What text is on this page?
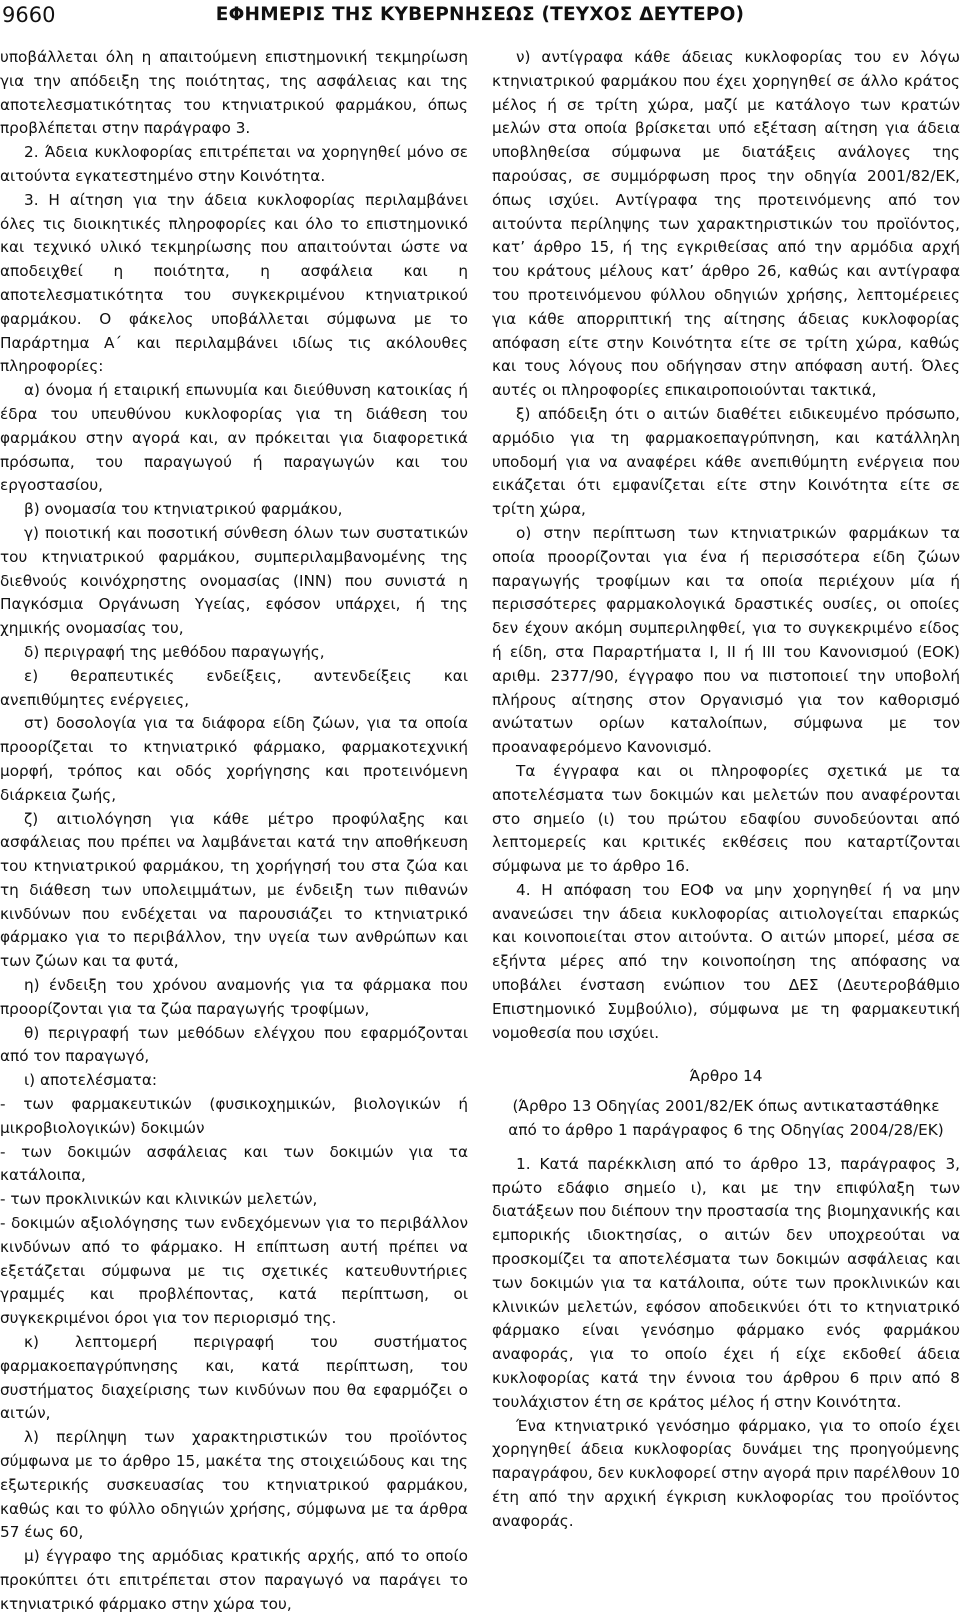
9660	ΕΦΗΜΕΡΙΣ ΤΗΣ ΚΥΒΕΡΝΗΣΕΩΣ (ΤΕΥΧΟΣ ΔΕΥΤΕΡΟ)

υποβάλλεται όλη η απαιτούμενη επιστημονική τεκμηρίωση για την απόδειξη της ποιότητας, της ασφάλειας και της αποτελεσματικότητας του κτηνιατρικού φαρμάκου, όπως προβλέπεται στην παράγραφο 3.

2. Άδεια κυκλοφορίας επιτρέπεται να χορηγηθεί μόνο σε αιτούντα εγκατεστημένο στην Κοινότητα.

3. Η αίτηση για την άδεια κυκλοφορίας περιλαμβάνει όλες τις διοικητικές πληροφορίες και όλο το επιστημονικό και τεχνικό υλικό τεκμηρίωσης που απαιτούνται ώστε να αποδειχθεί η ποιότητα, η ασφάλεια και η αποτελεσματικότητα του συγκεκριμένου κτηνιατρικού φαρμάκου. Ο φάκελος υποβάλλεται σύμφωνα με το Παράρτημα Α΄ και περιλαμβάνει ιδίως τις ακόλουθες πληροφορίες:

α) όνομα ή εταιρική επωνυμία και διεύθυνση κατοικίας ή έδρα του υπευθύνου κυκλοφορίας για τη διάθεση του φαρμάκου στην αγορά και, αν πρόκειται για διαφορετικά πρόσωπα, του παραγωγού ή παραγωγών και του εργοστασίου,

β) ονομασία του κτηνιατρικού φαρμάκου,

γ) ποιοτική και ποσοτική σύνθεση όλων των συστατικών του κτηνιατρικού φαρμάκου, συμπεριλαμβανομένης της διεθνούς κοινόχρηστης ονομασίας (INN) που συνιστά η Παγκόσμια Οργάνωση Υγείας, εφόσον υπάρχει, ή της χημικής ονομασίας του,

δ) περιγραφή της μεθόδου παραγωγής,

ε) θεραπευτικές ενδείξεις, αντενδείξεις και ανεπιθύμητες ενέργειες,

στ) δοσολογία για τα διάφορα είδη ζώων, για τα οποία προορίζεται το κτηνιατρικό φάρμακο, φαρμακοτεχνική μορφή, τρόπος και οδός χορήγησης και προτεινόμενη διάρκεια ζωής,

ζ) αιτιολόγηση για κάθε μέτρο προφύλαξης και ασφάλειας που πρέπει να λαμβάνεται κατά την αποθήκευση του κτηνιατρικού φαρμάκου, τη χορήγησή του στα ζώα και τη διάθεση των υπολειμμάτων, με ένδειξη των πιθανών κινδύνων που ενδέχεται να παρουσιάζει το κτηνιατρικό φάρμακο για το περιβάλλον, την υγεία των ανθρώπων και των ζώων και τα φυτά,

η) ένδειξη του χρόνου αναμονής για τα φάρμακα που προορίζονται για τα ζώα παραγωγής τροφίμων,

θ) περιγραφή των μεθόδων ελέγχου που εφαρμόζονται από τον παραγωγό,

ι) αποτελέσματα:

- των φαρμακευτικών (φυσικοχημικών, βιολογικών ή μικροβιολογικών) δοκιμών

- των δοκιμών ασφάλειας και των δοκιμών για τα κατάλοιπα,

- των προκλινικών και κλινικών μελετών,

- δοκιμών αξιολόγησης των ενδεχόμενων για το περιβάλλον κινδύνων από το φάρμακο. Η επίπτωση αυτή πρέπει να εξετάζεται σύμφωνα με τις σχετικές κατευθυντήριες γραμμές και προβλέποντας, κατά περίπτωση, οι συγκεκριμένοι όροι για τον περιορισμό της.

κ) λεπτομερή περιγραφή του συστήματος φαρμακοεπαγρύπνησης και, κατά περίπτωση, του συστήματος διαχείρισης των κινδύνων που θα εφαρμόζει ο αιτών,

λ) περίληψη των χαρακτηριστικών του προϊόντος σύμφωνα με το άρθρο 15, μακέτα της στοιχειώδους και της εξωτερικής συσκευασίας του κτηνιατρικού φαρμάκου, καθώς και το φύλλο οδηγιών χρήσης, σύμφωνα με τα άρθρα 57 έως 60,

μ) έγγραφο της αρμόδιας κρατικής αρχής, από το οποίο προκύπτει ότι επιτρέπεται στον παραγωγό να παράγει το κτηνιατρικό φάρμακο στην χώρα του,

ν) αντίγραφα κάθε άδειας κυκλοφορίας του εν λόγω κτηνιατρικού φαρμάκου που έχει χορηγηθεί σε άλλο κράτος μέλος ή σε τρίτη χώρα, μαζί με κατάλογο των κρατών μελών στα οποία βρίσκεται υπό εξέταση αίτηση για άδεια υποβληθείσα σύμφωνα με διατάξεις ανάλογες της παρούσας, σε συμμόρφωση προς την οδηγία 2001/82/ΕΚ, όπως ισχύει. Αντίγραφα της προτεινόμενης από τον αιτούντα περίληψης των χαρακτηριστικών του προϊόντος, κατ’ άρθρο 15, ή της εγκριθείσας από την αρμόδια αρχή του κράτους μέλους κατ’ άρθρο 26, καθώς και αντίγραφα του προτεινόμενου φύλλου οδηγιών χρήσης, λεπτομέρειες για κάθε απορριπτική της αίτησης άδειας κυκλοφορίας απόφαση είτε στην Κοινότητα είτε σε τρίτη χώρα, καθώς και τους λόγους που οδήγησαν στην απόφαση αυτή. Όλες αυτές οι πληροφορίες επικαιροποιούνται τακτικά,

ξ) απόδειξη ότι ο αιτών διαθέτει ειδικευμένο πρόσωπο, αρμόδιο για τη φαρμακοεπαγρύπνηση, και κατάλληλη υποδομή για να αναφέρει κάθε ανεπιθύμητη ενέργεια που εικάζεται ότι εμφανίζεται είτε στην Κοινότητα είτε σε τρίτη χώρα,

ο) στην περίπτωση των κτηνιατρικών φαρμάκων τα οποία προορίζονται για ένα ή περισσότερα είδη ζώων παραγωγής τροφίμων και τα οποία περιέχουν μία ή περισσότερες φαρμακολογικά δραστικές ουσίες, οι οποίες δεν έχουν ακόμη συμπεριληφθεί, για το συγκεκριμένο είδος ή είδη, στα Παραρτήματα Ι, ΙΙ ή ΙΙΙ του Κανονισμού (ΕΟΚ) αριθμ. 2377/90, έγγραφο που να πιστοποιεί την υποβολή πλήρους αίτησης στον Οργανισμό για τον καθορισμό ανώτατων ορίων καταλοίπων, σύμφωνα με τον προαναφερόμενο Κανονισμό.

Τα έγγραφα και οι πληροφορίες σχετικά με τα αποτελέσματα των δοκιμών και μελετών που αναφέρονται στο σημείο (ι) του πρώτου εδαφίου συνοδεύονται από λεπτομερείς και κριτικές εκθέσεις που καταρτίζονται σύμφωνα με το άρθρο 16.

4. Η απόφαση του ΕΟΦ να μην χορηγηθεί ή να μην ανανεώσει την άδεια κυκλοφορίας αιτιολογείται επαρκώς και κοινοποιείται στον αιτούντα. Ο αιτών μπορεί, μέσα σε εξήντα μέρες από την κοινοποίηση της απόφασης να υποβάλει ένσταση ενώπιον του ΔΕΣ (Δευτεροβάθμιο Επιστημονικό Συμβούλιο), σύμφωνα με τη φαρμακευτική νομοθεσία που ισχύει.

Άρθρο 14
(Άρθρο 13 Οδηγίας 2001/82/ΕΚ όπως αντικαταστάθηκε από το άρθρο 1 παράγραφος 6 της Οδηγίας 2004/28/ΕΚ)

1. Κατά παρέκκλιση από το άρθρο 13, παράγραφος 3, πρώτο εδάφιο σημείο ι), και με την επιφύλαξη των διατάξεων που διέπουν την προστασία της βιομηχανικής και εμπορικής ιδιοκτησίας, ο αιτών δεν υποχρεούται να προσκομίζει τα αποτελέσματα των δοκιμών ασφάλειας και των δοκιμών για τα κατάλοιπα, ούτε των προκλινικών και κλινικών μελετών, εφόσον αποδεικνύει ότι το κτηνιατρικό φάρμακο είναι γενόσημο φάρμακο ενός φαρμάκου αναφοράς, για το οποίο έχει ή είχε εκδοθεί άδεια κυκλοφορίας κατά την έννοια του άρθρου 6 πριν από 8 τουλάχιστον έτη σε κράτος μέλος ή στην Κοινότητα.

Ένα κτηνιατρικό γενόσημο φάρμακο, για το οποίο έχει χορηγηθεί άδεια κυκλοφορίας δυνάμει της προηγούμενης παραγράφου, δεν κυκλοφορεί στην αγορά πριν παρέλθουν 10 έτη από την αρχική έγκριση κυκλοφορίας του προϊόντος αναφοράς.
